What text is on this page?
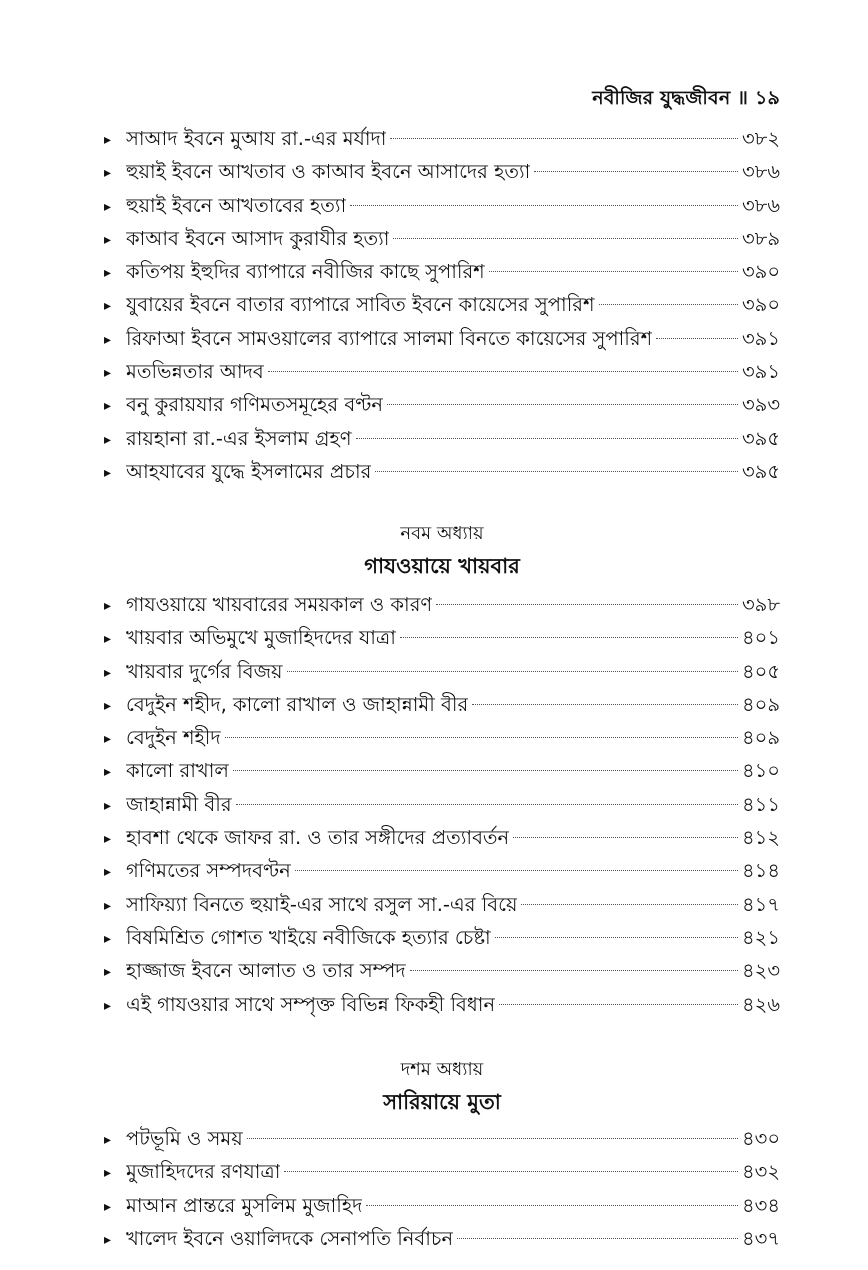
নবীজির যুদ্ধজীবন ॥ ১৯
▸ সাআদ ইবনে মুআয রা.-এর মর্যাদা	৩৮২
▸ হুয়াই ইবনে আখতাব ও কাআব ইবনে আসাদের হত্যা	৩৮৬
▸ হুয়াই ইবনে আখতাবের হত্যা	৩৮৬
▸ কাআব ইবনে আসাদ কুরাযীর হত্যা	৩৮৯
▸ কতিপয় ইহুদির ব্যাপারে নবীজির কাছে সুপারিশ	৩৯০
▸ যুবায়ের ইবনে বাতার ব্যাপারে সাবিত ইবনে কায়েসের সুপারিশ	৩৯০
▸ রিফাআ ইবনে সামওয়ালের ব্যাপারে সালমা বিনতে কায়েসের সুপারিশ	৩৯১
▸ মতভিন্নতার আদব	৩৯১
▸ বনু কুরায়যার গণিমতসমূহের বণ্টন	৩৯৩
▸ রায়হানা রা.-এর ইসলাম গ্রহণ	৩৯৫
▸ আহযাবের যুদ্ধে ইসলামের প্রচার	৩৯৫
নবম অধ্যায়
গাযওয়ায়ে খায়বার
▸ গাযওয়ায়ে খায়বারের সময়কাল ও কারণ	৩৯৮
▸ খায়বার অভিমুখে মুজাহিদদের যাত্রা	৪০১
▸ খায়বার দুর্গের বিজয়	৪০৫
▸ বেদুইন শহীদ, কালো রাখাল ও জাহান্নামী বীর	৪০৯
▸ বেদুইন শহীদ	৪০৯
▸ কালো রাখাল	৪১০
▸ জাহান্নামী বীর	৪১১
▸ হাবশা থেকে জাফর রা. ও তার সঙ্গীদের প্রত্যাবর্তন	৪১২
▸ গণিমতের সম্পদবণ্টন	৪১৪
▸ সাফিয়্যা বিনতে হুয়াই-এর সাথে রসুল সা.-এর বিয়ে	৪১৭
▸ বিষমিশ্রিত গোশত খাইয়ে নবীজিকে হত্যার চেষ্টা	৪২১
▸ হাজ্জাজ ইবনে আলাত ও তার সম্পদ	৪২৩
▸ এই গাযওয়ার সাথে সম্পৃক্ত বিভিন্ন ফিকহী বিধান	৪২৬
দশম অধ্যায়
সারিয়ায়ে মুতা
▸ পটভূমি ও সময়	৪৩০
▸ মুজাহিদদের রণযাত্রা	৪৩২
▸ মাআন প্রান্তরে মুসলিম মুজাহিদ	৪৩৪
▸ খালেদ ইবনে ওয়ালিদকে সেনাপতি নির্বাচন	৪৩৭
